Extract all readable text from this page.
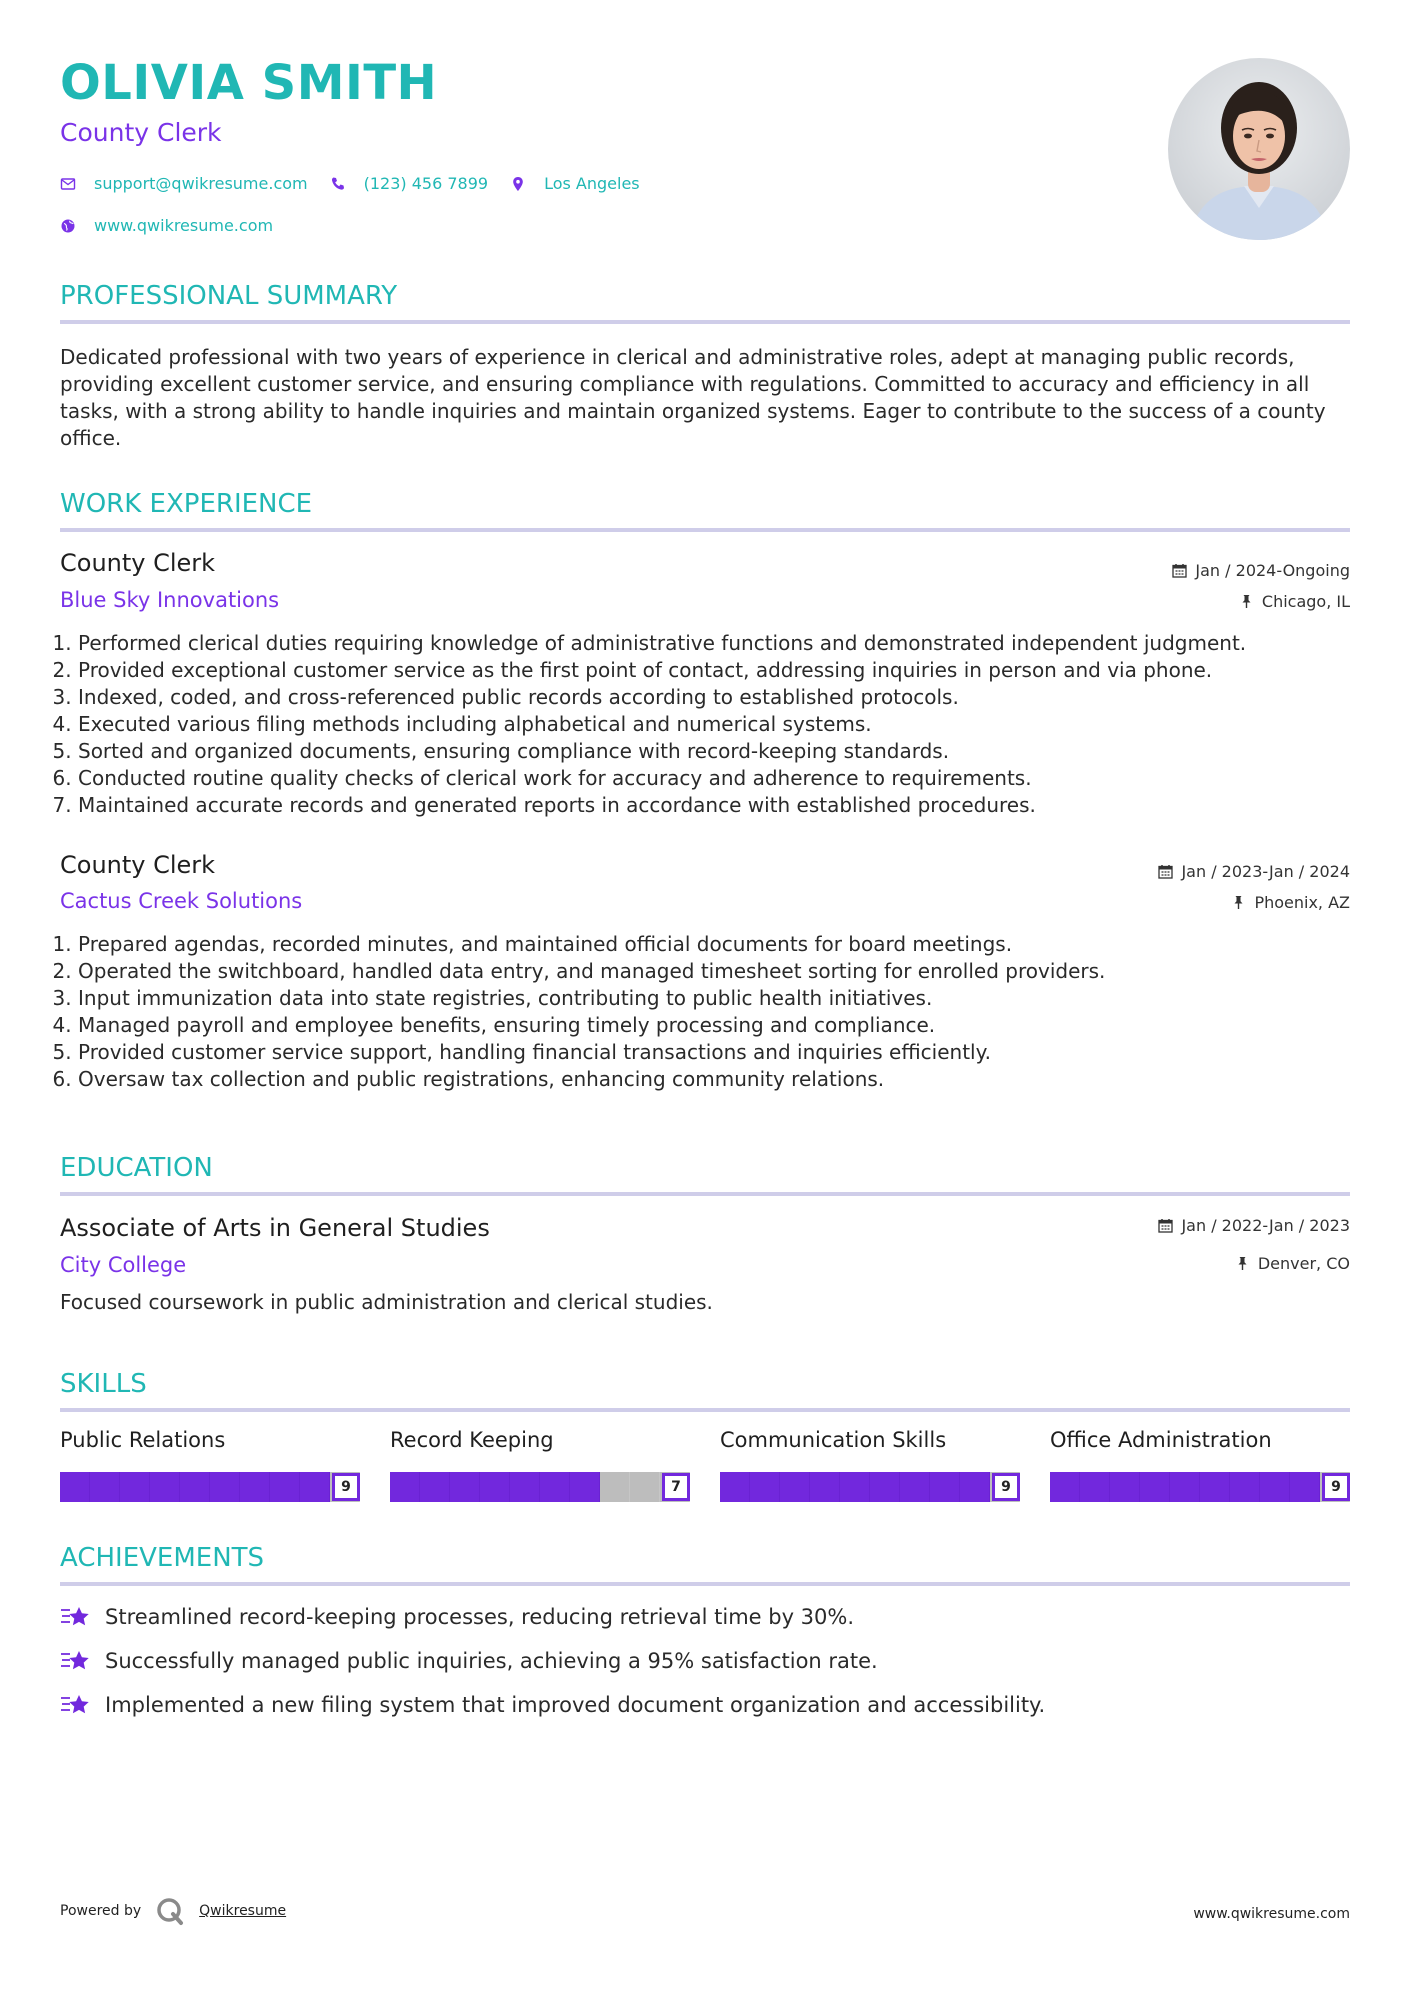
OLIVIA SMITH
County Clerk
support@qwikresume.com	(123) 456 7899	Los Angeles
www.qwikresume.com
PROFESSIONAL SUMMARY
Dedicated professional with two years of experience in clerical and administrative roles, adept at managing public records, providing excellent customer service, and ensuring compliance with regulations. Committed to accuracy and efficiency in all tasks, with a strong ability to handle inquiries and maintain organized systems. Eager to contribute to the success of a county office.
WORK EXPERIENCE
County Clerk
Blue Sky Innovations
Jan / 2024-Ongoing
Chicago, IL
1. Performed clerical duties requiring knowledge of administrative functions and demonstrated independent judgment.
2. Provided exceptional customer service as the first point of contact, addressing inquiries in person and via phone.
3. Indexed, coded, and cross-referenced public records according to established protocols.
4. Executed various filing methods including alphabetical and numerical systems.
5. Sorted and organized documents, ensuring compliance with record-keeping standards.
6. Conducted routine quality checks of clerical work for accuracy and adherence to requirements.
7. Maintained accurate records and generated reports in accordance with established procedures.
County Clerk
Cactus Creek Solutions
Jan / 2023-Jan / 2024
Phoenix, AZ
1. Prepared agendas, recorded minutes, and maintained official documents for board meetings.
2. Operated the switchboard, handled data entry, and managed timesheet sorting for enrolled providers.
3. Input immunization data into state registries, contributing to public health initiatives.
4. Managed payroll and employee benefits, ensuring timely processing and compliance.
5. Provided customer service support, handling financial transactions and inquiries efficiently.
6. Oversaw tax collection and public registrations, enhancing community relations.
EDUCATION
Associate of Arts in General Studies
City College
Jan / 2022-Jan / 2023
Denver, CO
Focused coursework in public administration and clerical studies.
SKILLS
Public Relations
9
Record Keeping
7
Communication Skills
9
Office Administration
9
ACHIEVEMENTS
Streamlined record-keeping processes, reducing retrieval time by 30%.
Successfully managed public inquiries, achieving a 95% satisfaction rate.
Implemented a new filing system that improved document organization and accessibility.
Powered by	Qwikresume	www.qwikresume.com
